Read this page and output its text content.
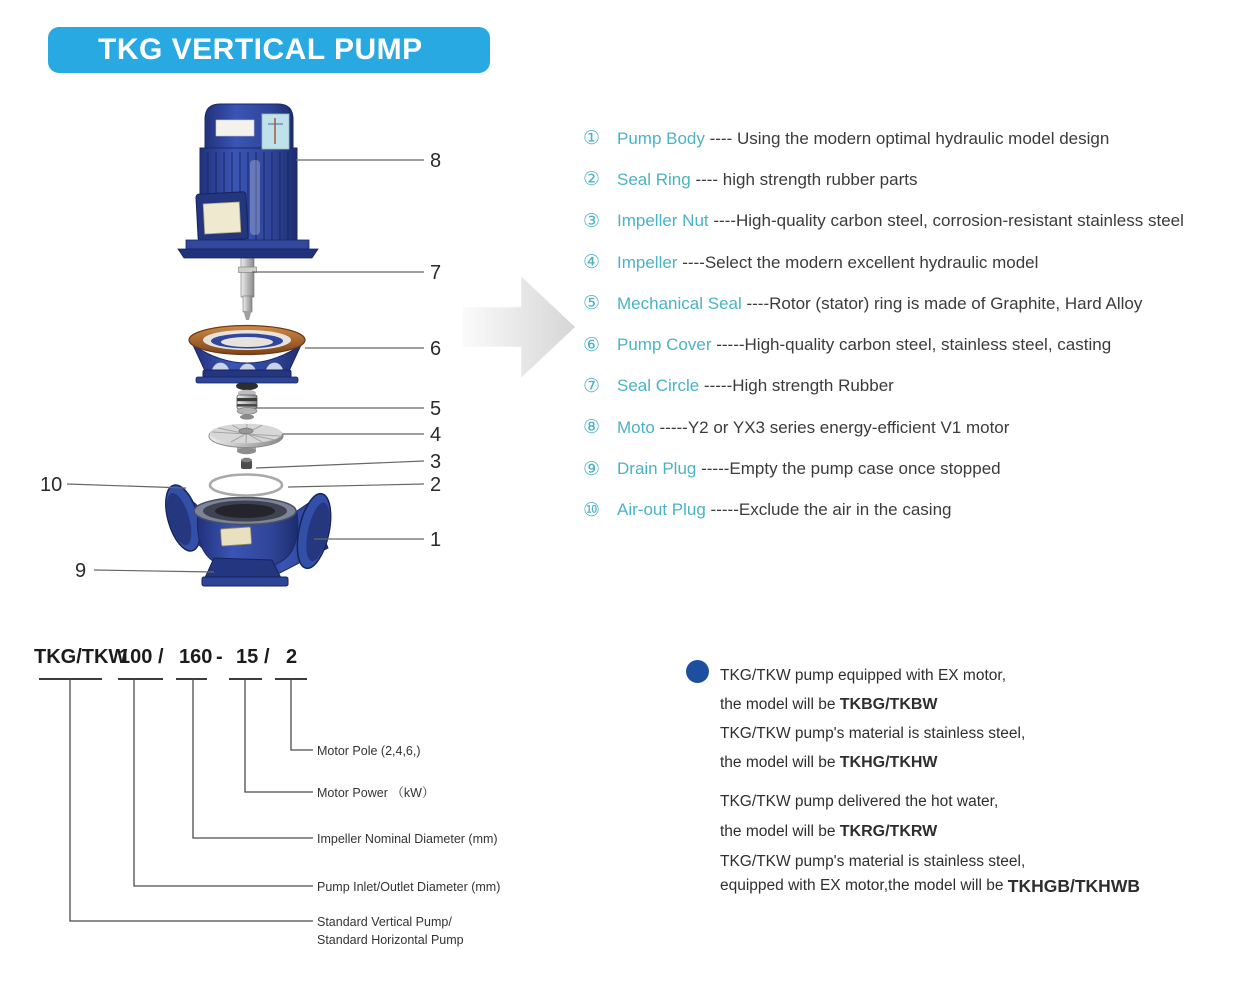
TKG VERTICAL PUMP
8
7
6
5
4
3
2
1
10
9
① Pump Body ---- Using the modern optimal hydraulic model design
② Seal Ring ---- high strength rubber parts
③ Impeller Nut ----High-quality carbon steel, corrosion-resistant stainless steel
④ Impeller ----Select the modern excellent hydraulic model
⑤ Mechanical Seal ----Rotor (stator) ring is made of Graphite, Hard Alloy
⑥ Pump Cover -----High-quality carbon steel, stainless steel, casting
⑦ Seal Circle -----High strength Rubber
⑧ Moto -----Y2 or YX3 series energy-efficient V1 motor
⑨ Drain Plug -----Empty the pump case once stopped
⑩ Air-out Plug -----Exclude the air in the casing
TKG/TKW
100 / 160 - 15 / 2
Motor Pole (2,4,6,)
Motor Power （kW）
Impeller Nominal Diameter (mm)
Pump Inlet/Outlet Diameter (mm)
Standard Vertical Pump/
Standard Horizontal Pump
TKG/TKW pump equipped with EX motor,
the model will be TKBG/TKBW
TKG/TKW pump's material is stainless steel,
the model will be TKHG/TKHW
TKG/TKW pump delivered the hot water,
the model will be TKRG/TKRW
TKG/TKW pump's material is stainless steel,
equipped with EX motor,the model will be TKHGB/TKHWB
